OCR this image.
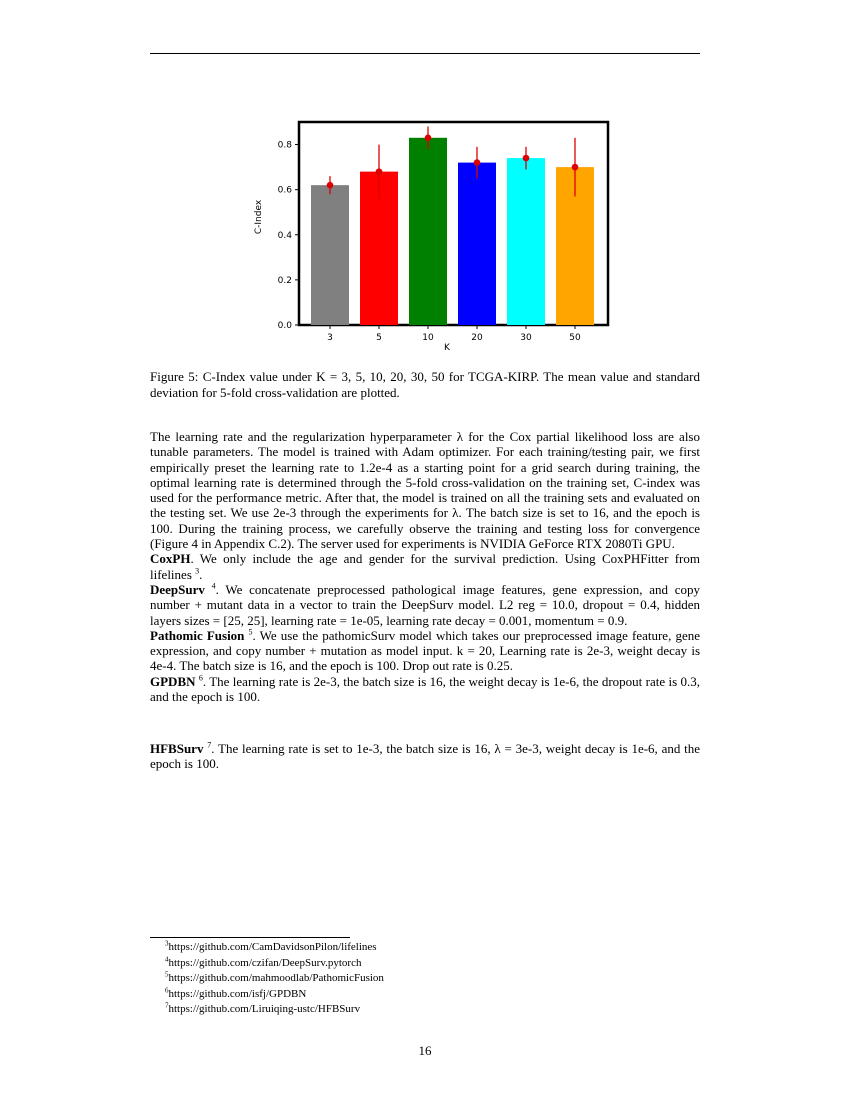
0.0
0.2
0.4
0.6
0.8
3	5	10	20	30	50
K
C-Index
Figure 5: C-Index value under K = 3, 5, 10, 20, 30, 50 for TCGA-KIRP. The mean value and standard deviation for 5-fold cross-validation are plotted.

The learning rate and the regularization hyperparameter λ for the Cox partial likelihood loss are also tunable parameters. The model is trained with Adam optimizer. For each training/testing pair, we first empirically preset the learning rate to 1.2e-4 as a starting point for a grid search during training, the optimal learning rate is determined through the 5-fold cross-validation on the training set, C-index was used for the performance metric. After that, the model is trained on all the training sets and evaluated on the testing set. We use 2e-3 through the experiments for λ. The batch size is set to 16, and the epoch is 100. During the training process, we carefully observe the training and testing loss for convergence (Figure 4 in Appendix C.2). The server used for experiments is NVIDIA GeForce RTX 2080Ti GPU.

CoxPH. We only include the age and gender for the survival prediction. Using CoxPHFitter from lifelines $^3$.

DeepSurv $^4$. We concatenate preprocessed pathological image features, gene expression, and copy number + mutant data in a vector to train the DeepSurv model. L2 reg = 10.0, dropout = 0.4, hidden layers sizes = [25, 25], learning rate = 1e-05, learning rate decay = 0.001, momentum = 0.9.

Pathomic Fusion $^5$. We use the pathomicSurv model which takes our preprocessed image feature, gene expression, and copy number + mutation as model input. k = 20, Learning rate is 2e-3, weight decay is 4e-4. The batch size is 16, and the epoch is 100. Drop out rate is 0.25.

GPDBN $^6$. The learning rate is 2e-3, the batch size is 16, the weight decay is 1e-6, the dropout rate is 0.3, and the epoch is 100.

HFBSurv $^7$. The learning rate is set to 1e-3, the batch size is 16, λ = 3e-3, weight decay is 1e-6, and the epoch is 100.

$^3$https://github.com/CamDavidsonPilon/lifelines
$^4$https://github.com/czifan/DeepSurv.pytorch
$^5$https://github.com/mahmoodlab/PathomicFusion
$^6$https://github.com/isfj/GPDBN
$^7$https://github.com/Liruiqing-ustc/HFBSurv
16
